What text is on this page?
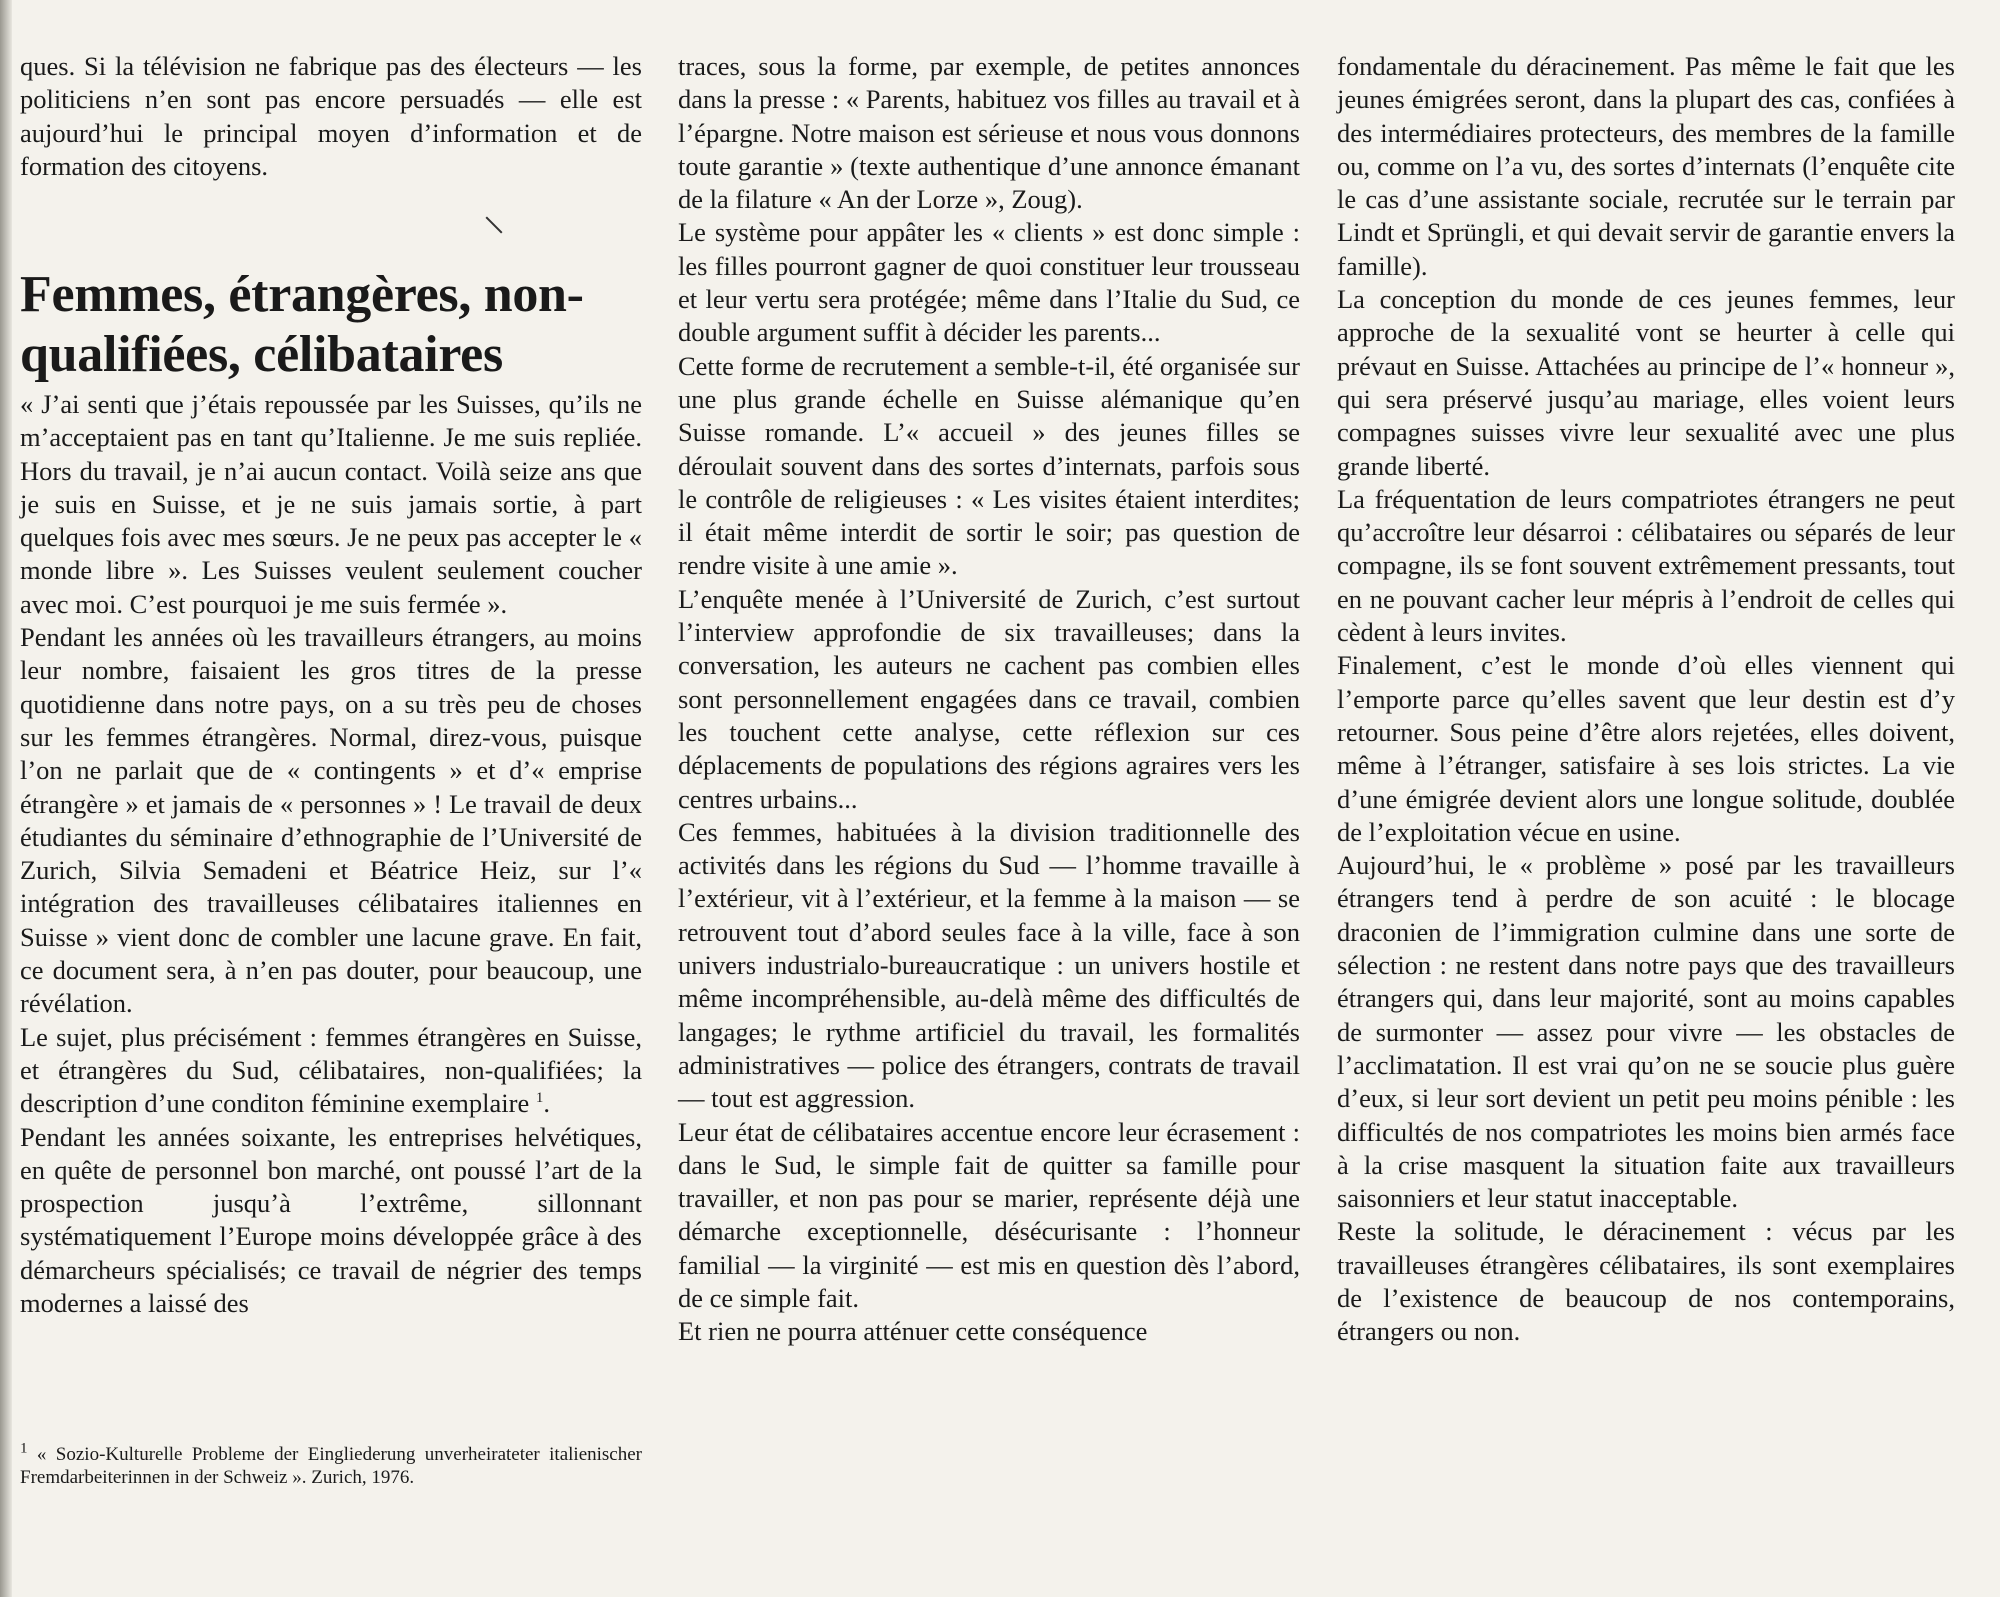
ques. Si la télévision ne fabrique pas des électeurs — les politiciens n’en sont pas encore persuadés — elle est aujourd’hui le principal moyen d’information et de formation des citoyens.

Femmes, étrangères, non-qualifiées, célibataires

« J’ai senti que j’étais repoussée par les Suisses, qu’ils ne m’acceptaient pas en tant qu’Italienne. Je me suis repliée. Hors du travail, je n’ai aucun contact. Voilà seize ans que je suis en Suisse, et je ne suis jamais sortie, à part quelques fois avec mes sœurs. Je ne peux pas accepter le « monde libre ». Les Suisses veulent seulement coucher avec moi. C’est pourquoi je me suis fermée ».

Pendant les années où les travailleurs étrangers, au moins leur nombre, faisaient les gros titres de la presse quotidienne dans notre pays, on a su très peu de choses sur les femmes étrangères. Normal, direz-vous, puisque l’on ne parlait que de « contingents » et d’« emprise étrangère » et jamais de « personnes » ! Le travail de deux étudiantes du séminaire d’ethnographie de l’Université de Zurich, Silvia Semadeni et Béatrice Heiz, sur l’« intégration des travailleuses célibataires italiennes en Suisse » vient donc de combler une lacune grave. En fait, ce document sera, à n’en pas douter, pour beaucoup, une révélation.

Le sujet, plus précisément : femmes étrangères en Suisse, et étrangères du Sud, célibataires, non-qualifiées; la description d’une conditon féminine exemplaire $^1$.

Pendant les années soixante, les entreprises helvétiques, en quête de personnel bon marché, ont poussé l’art de la prospection jusqu’à l’extrême, sillonnant systématiquement l’Europe moins développée grâce à des démarcheurs spécialisés; ce travail de négrier des temps modernes a laissé des

$^1$ « Sozio-Kulturelle Probleme der Eingliederung unverheirateter italienischer Fremdarbeiterinnen in der Schweiz ». Zurich, 1976.

traces, sous la forme, par exemple, de petites annonces dans la presse : « Parents, habituez vos filles au travail et à l’épargne. Notre maison est sérieuse et nous vous donnons toute garantie » (texte authentique d’une annonce émanant de la filature « An der Lorze », Zoug).

Le système pour appâter les « clients » est donc simple : les filles pourront gagner de quoi constituer leur trousseau et leur vertu sera protégée; même dans l’Italie du Sud, ce double argument suffit à décider les parents...

Cette forme de recrutement a semble-t-il, été organisée sur une plus grande échelle en Suisse alémanique qu’en Suisse romande. L’« accueil » des jeunes filles se déroulait souvent dans des sortes d’internats, parfois sous le contrôle de religieuses : « Les visites étaient interdites; il était même interdit de sortir le soir; pas question de rendre visite à une amie ».

L’enquête menée à l’Université de Zurich, c’est surtout l’interview approfondie de six travailleuses; dans la conversation, les auteurs ne cachent pas combien elles sont personnellement engagées dans ce travail, combien les touchent cette analyse, cette réflexion sur ces déplacements de populations des régions agraires vers les centres urbains...

Ces femmes, habituées à la division traditionnelle des activités dans les régions du Sud — l’homme travaille à l’extérieur, vit à l’extérieur, et la femme à la maison — se retrouvent tout d’abord seules face à la ville, face à son univers industrialo-bureaucratique : un univers hostile et même incompréhensible, au-delà même des difficultés de langages; le rythme artificiel du travail, les formalités administratives — police des étrangers, contrats de travail — tout est aggression.

Leur état de célibataires accentue encore leur écrasement : dans le Sud, le simple fait de quitter sa famille pour travailler, et non pas pour se marier, représente déjà une démarche exceptionnelle, désécurisante : l’honneur familial — la virginité — est mis en question dès l’abord, de ce simple fait.

Et rien ne pourra atténuer cette conséquence

fondamentale du déracinement. Pas même le fait que les jeunes émigrées seront, dans la plupart des cas, confiées à des intermédiaires protecteurs, des membres de la famille ou, comme on l’a vu, des sortes d’internats (l’enquête cite le cas d’une assistante sociale, recrutée sur le terrain par Lindt et Sprüngli, et qui devait servir de garantie envers la famille).

La conception du monde de ces jeunes femmes, leur approche de la sexualité vont se heurter à celle qui prévaut en Suisse. Attachées au principe de l’« honneur », qui sera préservé jusqu’au mariage, elles voient leurs compagnes suisses vivre leur sexualité avec une plus grande liberté.

La fréquentation de leurs compatriotes étrangers ne peut qu’accroître leur désarroi : célibataires ou séparés de leur compagne, ils se font souvent extrêmement pressants, tout en ne pouvant cacher leur mépris à l’endroit de celles qui cèdent à leurs invites.

Finalement, c’est le monde d’où elles viennent qui l’emporte parce qu’elles savent que leur destin est d’y retourner. Sous peine d’être alors rejetées, elles doivent, même à l’étranger, satisfaire à ses lois strictes. La vie d’une émigrée devient alors une longue solitude, doublée de l’exploitation vécue en usine.

Aujourd’hui, le « problème » posé par les travailleurs étrangers tend à perdre de son acuité : le blocage draconien de l’immigration culmine dans une sorte de sélection : ne restent dans notre pays que des travailleurs étrangers qui, dans leur majorité, sont au moins capables de surmonter — assez pour vivre — les obstacles de l’acclimatation. Il est vrai qu’on ne se soucie plus guère d’eux, si leur sort devient un petit peu moins pénible : les difficultés de nos compatriotes les moins bien armés face à la crise masquent la situation faite aux travailleurs saisonniers et leur statut inacceptable.

Reste la solitude, le déracinement : vécus par les travailleuses étrangères célibataires, ils sont exemplaires de l’existence de beaucoup de nos contemporains, étrangers ou non.
